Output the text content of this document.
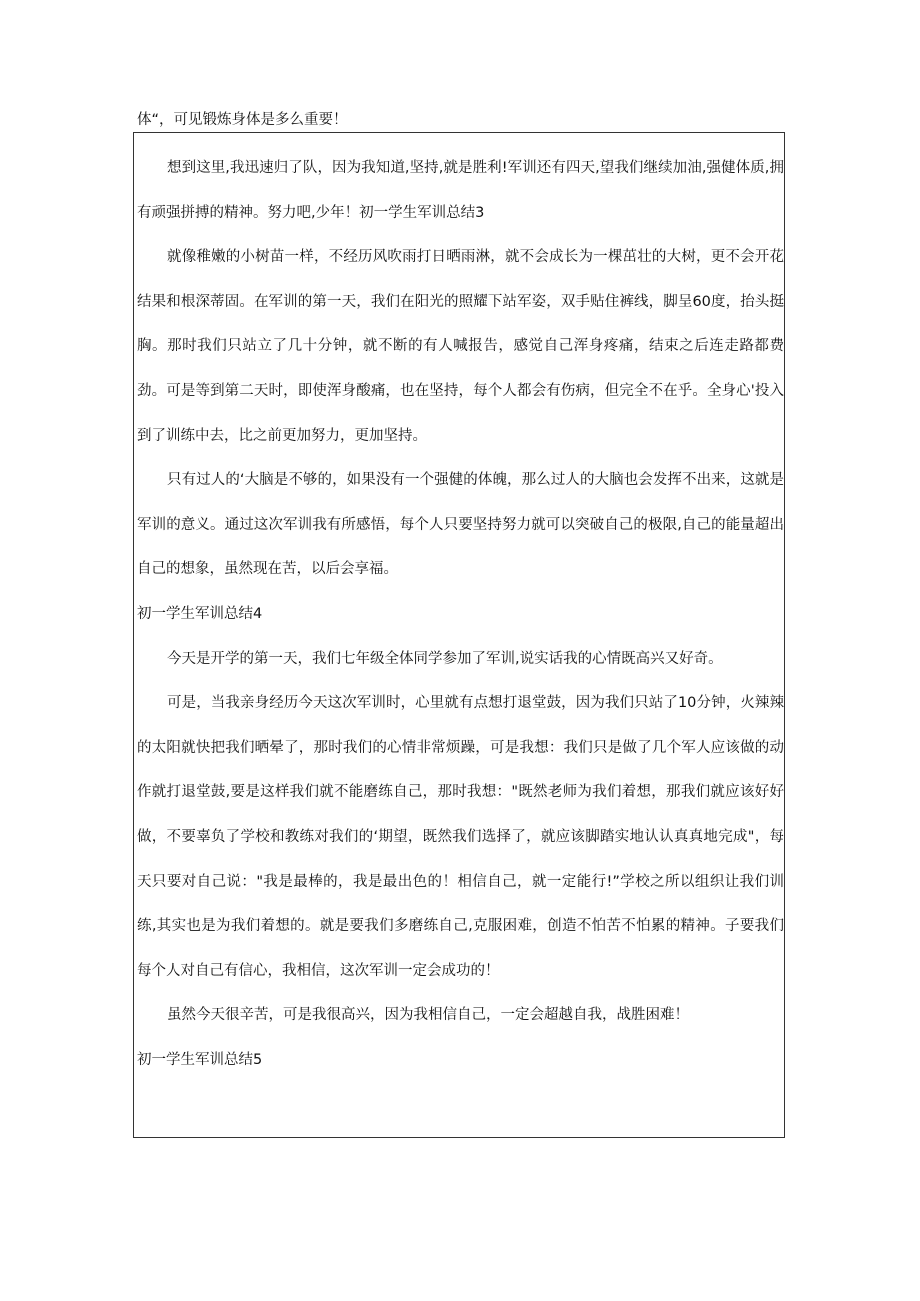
体“，可见锻炼身体是多么重要！

想到这里,我迅速归了队，因为我知道,坚持,就是胜利!军训还有四天,望我们继续加油,强健体质,拥有顽强拼搏的精神。努力吧,少年！初一学生军训总结3

就像稚嫩的小树苗一样，不经历风吹雨打日晒雨淋，就不会成长为一棵茁壮的大树，更不会开花结果和根深蒂固。在军训的第一天，我们在阳光的照耀下站军姿，双手贴住裤线，脚呈60度，抬头挺胸。那时我们只站立了几十分钟，就不断的有人喊报告，感觉自己浑身疼痛，结束之后连走路都费劲。可是等到第二天时，即使浑身酸痛，也在坚持，每个人都会有伤病，但完全不在乎。全身心'投入到了训练中去，比之前更加努力，更加坚持。

只有过人的‘大脑是不够的，如果没有一个强健的体魄，那么过人的大脑也会发挥不出来，这就是军训的意义。通过这次军训我有所感悟，每个人只要坚持努力就可以突破自己的极限,自己的能量超出自己的想象，虽然现在苦，以后会享福。

初一学生军训总结4

今天是开学的第一天，我们七年级全体同学参加了军训,说实话我的心情既高兴又好奇。

可是，当我亲身经历今天这次军训时，心里就有点想打退堂鼓，因为我们只站了10分钟，火辣辣的太阳就快把我们晒晕了，那时我们的心情非常烦躁，可是我想：我们只是做了几个军人应该做的动作就打退堂鼓,要是这样我们就不能磨练自己，那时我想："既然老师为我们着想，那我们就应该好好做，不要辜负了学校和教练对我们的‘期望，既然我们选择了，就应该脚踏实地认认真真地完成"，每天只要对自己说："我是最棒的，我是最出色的！相信自己，就一定能行!”学校之所以组织让我们训练,其实也是为我们着想的。就是要我们多磨练自己,克服困难，创造不怕苦不怕累的精神。子要我们每个人对自己有信心，我相信，这次军训一定会成功的！

虽然今天很辛苦，可是我很高兴，因为我相信自己，一定会超越自我，战胜困难！

初一学生军训总结5
